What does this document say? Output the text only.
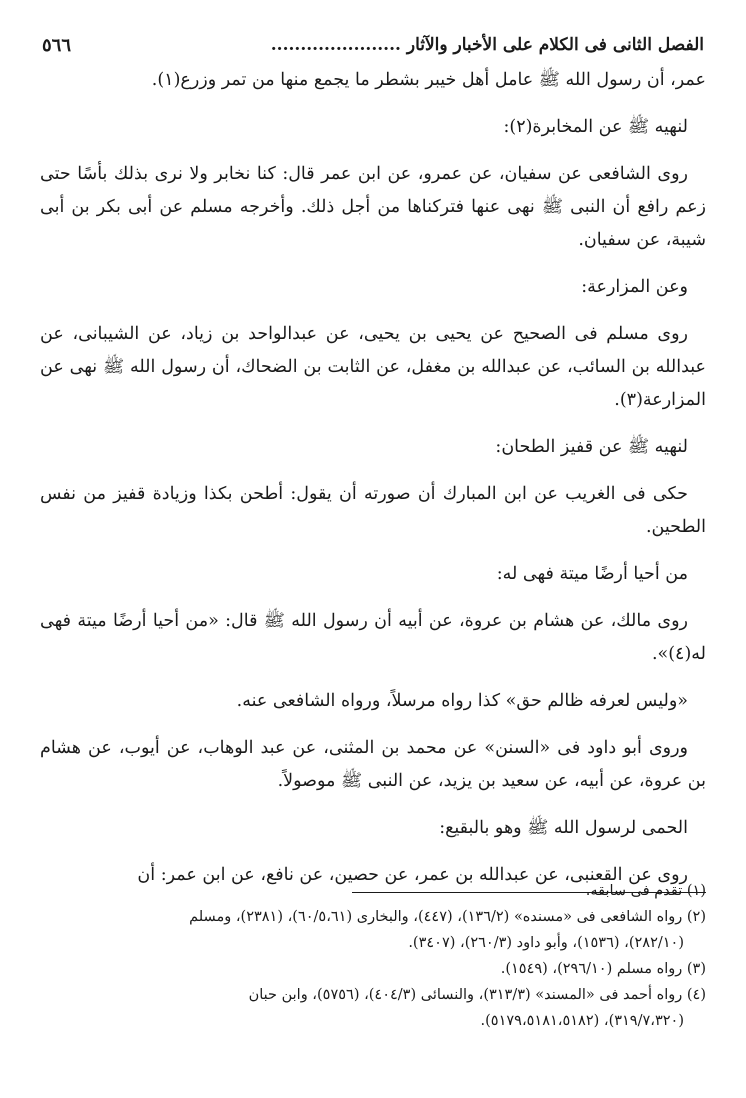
الفصل الثانى فى الكلام على الأخبار والآثار ......................
٥٦٦

عمر، أن رسول الله ﷺ عامل أهل خيبر بشطر ما يجمع منها من تمر وزرع(١).

لنهيه ﷺ عن المخابرة(٢):

روى الشافعى عن سفيان، عن عمرو، عن ابن عمر قال: كنا نخابر ولا نرى بذلك بأسًا حتى زعم رافع أن النبى ﷺ نهى عنها فتركناها من أجل ذلك. وأخرجه مسلم عن أبى بكر بن أبى شيبة، عن سفيان.

وعن المزارعة:

روى مسلم فى الصحيح عن يحيى بن يحيى، عن عبدالواحد بن زياد، عن الشيبانى، عن عبدالله بن السائب، عن عبدالله بن مغفل، عن الثابت بن الضحاك، أن رسول الله ﷺ نهى عن المزارعة(٣).

لنهيه ﷺ عن قفيز الطحان:

حكى فى الغريب عن ابن المبارك أن صورته أن يقول: أطحن بكذا وزيادة قفيز من نفس الطحين.

من أحيا أرضًا ميتة فهى له:

روى مالك، عن هشام بن عروة، عن أبيه أن رسول الله ﷺ قال: «من أحيا أرضًا ميتة فهى له(٤)».

«وليس لعرفه ظالم حق» كذا رواه مرسلاً، ورواه الشافعى عنه.

وروى أبو داود فى «السنن» عن محمد بن المثنى، عن عبد الوهاب، عن أيوب، عن هشام بن عروة، عن أبيه، عن سعيد بن يزيد، عن النبى ﷺ موصولاً.

الحمى لرسول الله ﷺ وهو بالبقيع:

روى عن القعنبى، عن عبدالله بن عمر، عن حصين، عن نافع، عن ابن عمر: أن

(١) تقدم فى سابقه.

(٢) رواه الشافعى فى «مسنده» (١٣٦/٢)، (٤٤٧)، والبخارى (٦٠/٥،٦١)، (٢٣٨١)، ومسلم

(٢٨٢/١٠)، (١٥٣٦)، وأبو داود (٢٦٠/٣)، (٣٤٠٧).

(٣) رواه مسلم (٢٩٦/١٠)، (١٥٤٩).

(٤) رواه أحمد فى «المسند» (٣١٣/٣)، والنسائى (٤٠٤/٣)، (٥٧٥٦)، وابن حبان

(٣١٩/٧،٣٢٠)، (٥١٧٩،٥١٨١،٥١٨٢).
